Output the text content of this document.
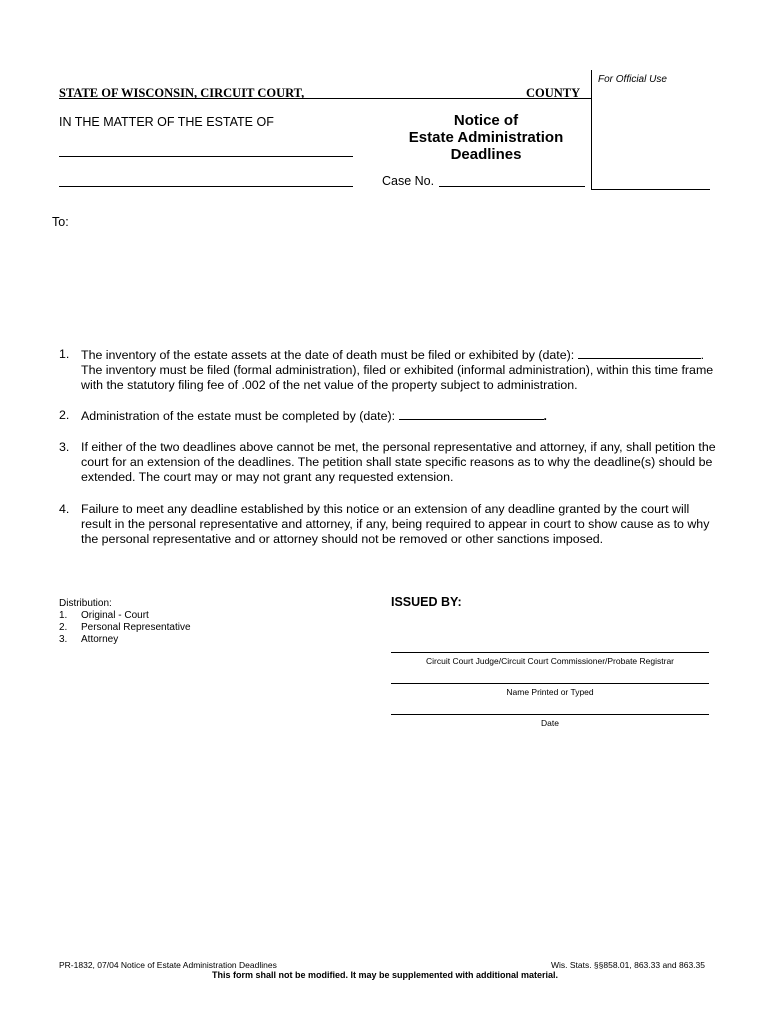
For Official Use
STATE OF WISCONSIN, CIRCUIT COURT,	COUNTY
IN THE MATTER OF THE ESTATE OF	Notice of
Estate Administration
Deadlines
Case No.
To:
1. The inventory of the estate assets at the date of death must be filed or exhibited by (date):	.
The inventory must be filed (formal administration), filed or exhibited (informal administration), within this time frame with the statutory filing fee of .002 of the net value of the property subject to administration.
2. Administration of the estate must be completed by (date):	.
3. If either of the two deadlines above cannot be met, the personal representative and attorney, if any, shall petition the court for an extension of the deadlines. The petition shall state specific reasons as to why the deadline(s) should be extended. The court may or may not grant any requested extension.
4. Failure to meet any deadline established by this notice or an extension of any deadline granted by the court will result in the personal representative and attorney, if any, being required to appear in court to show cause as to why the personal representative and or attorney should not be removed or other sanctions imposed.
Distribution:
1. Original - Court
2. Personal Representative
3. Attorney
ISSUED BY:
Circuit Court Judge/Circuit Court Commissioner/Probate Registrar
Name Printed or Typed
Date
PR-1832, 07/04 Notice of Estate Administration Deadlines	Wis. Stats. §§858.01, 863.33 and 863.35
This form shall not be modified. It may be supplemented with additional material.
